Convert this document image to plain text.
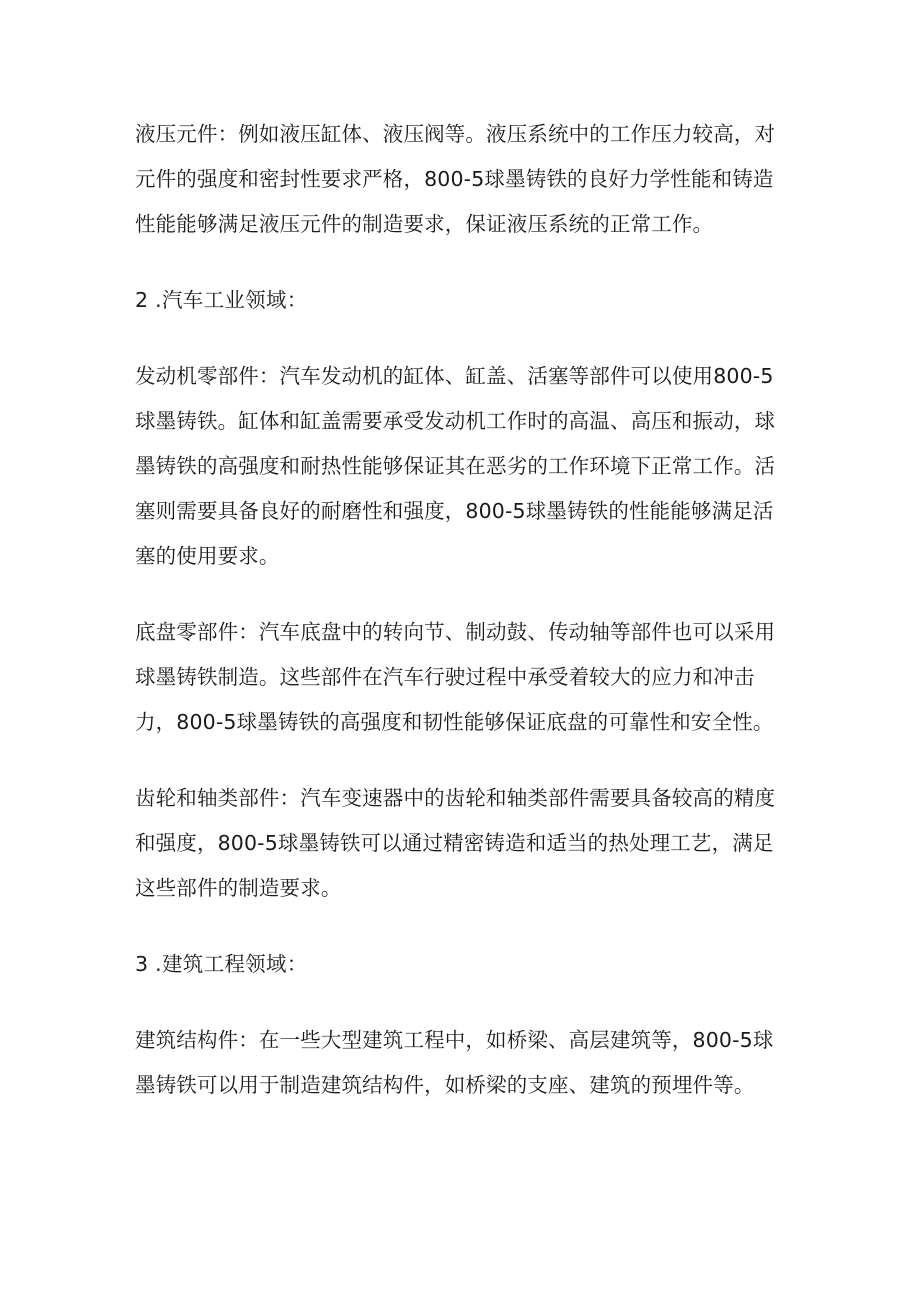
液压元件：例如液压缸体、液压阀等。液压系统中的工作压力较高，对元件的强度和密封性要求严格，800-5球墨铸铁的良好力学性能和铸造性能能够满足液压元件的制造要求，保证液压系统的正常工作。

2 .汽车工业领域：

发动机零部件：汽车发动机的缸体、缸盖、活塞等部件可以使用800-5球墨铸铁。缸体和缸盖需要承受发动机工作时的高温、高压和振动，球墨铸铁的高强度和耐热性能够保证其在恶劣的工作环境下正常工作。活塞则需要具备良好的耐磨性和强度，800-5球墨铸铁的性能能够满足活塞的使用要求。

底盘零部件：汽车底盘中的转向节、制动鼓、传动轴等部件也可以采用球墨铸铁制造。这些部件在汽车行驶过程中承受着较大的应力和冲击力，800-5球墨铸铁的高强度和韧性能够保证底盘的可靠性和安全性。

齿轮和轴类部件：汽车变速器中的齿轮和轴类部件需要具备较高的精度和强度，800-5球墨铸铁可以通过精密铸造和适当的热处理工艺，满足这些部件的制造要求。

3 .建筑工程领域：

建筑结构件：在一些大型建筑工程中，如桥梁、高层建筑等，800-5球墨铸铁可以用于制造建筑结构件，如桥梁的支座、建筑的预埋件等。
